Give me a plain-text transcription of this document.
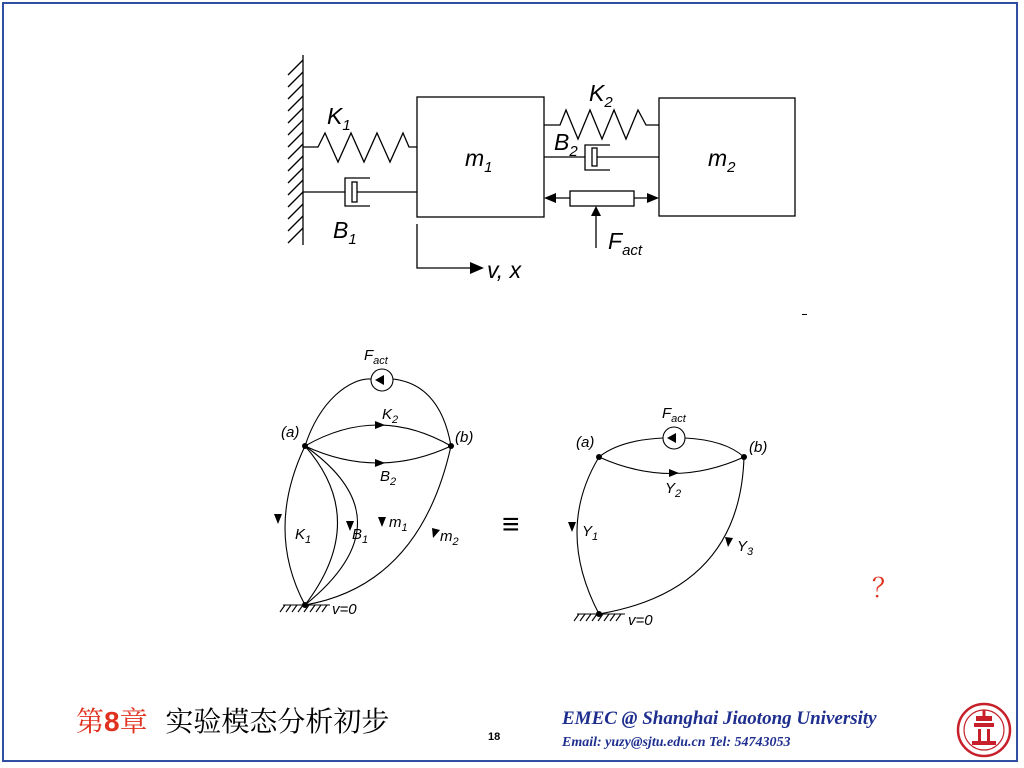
$K_1$
$K_2$
$B_1$
$B_2$
$m_1$	$m_2$
$F_{act}$
v, x
$F_{act}$
(a)	(b)
$K_2$
$B_2$
$K_1$	$B_1$
$m_1$ $m_2$
v=0
≡
$F_{act}$
(a)	(b)
$Y_2$
$Y_1$
$Y_3$
v=0
？
第8章 实验模态分析初步	18
EMEC @ Shanghai Jiaotong University
Email: yuzy@sjtu.edu.cn Tel: 54743053
